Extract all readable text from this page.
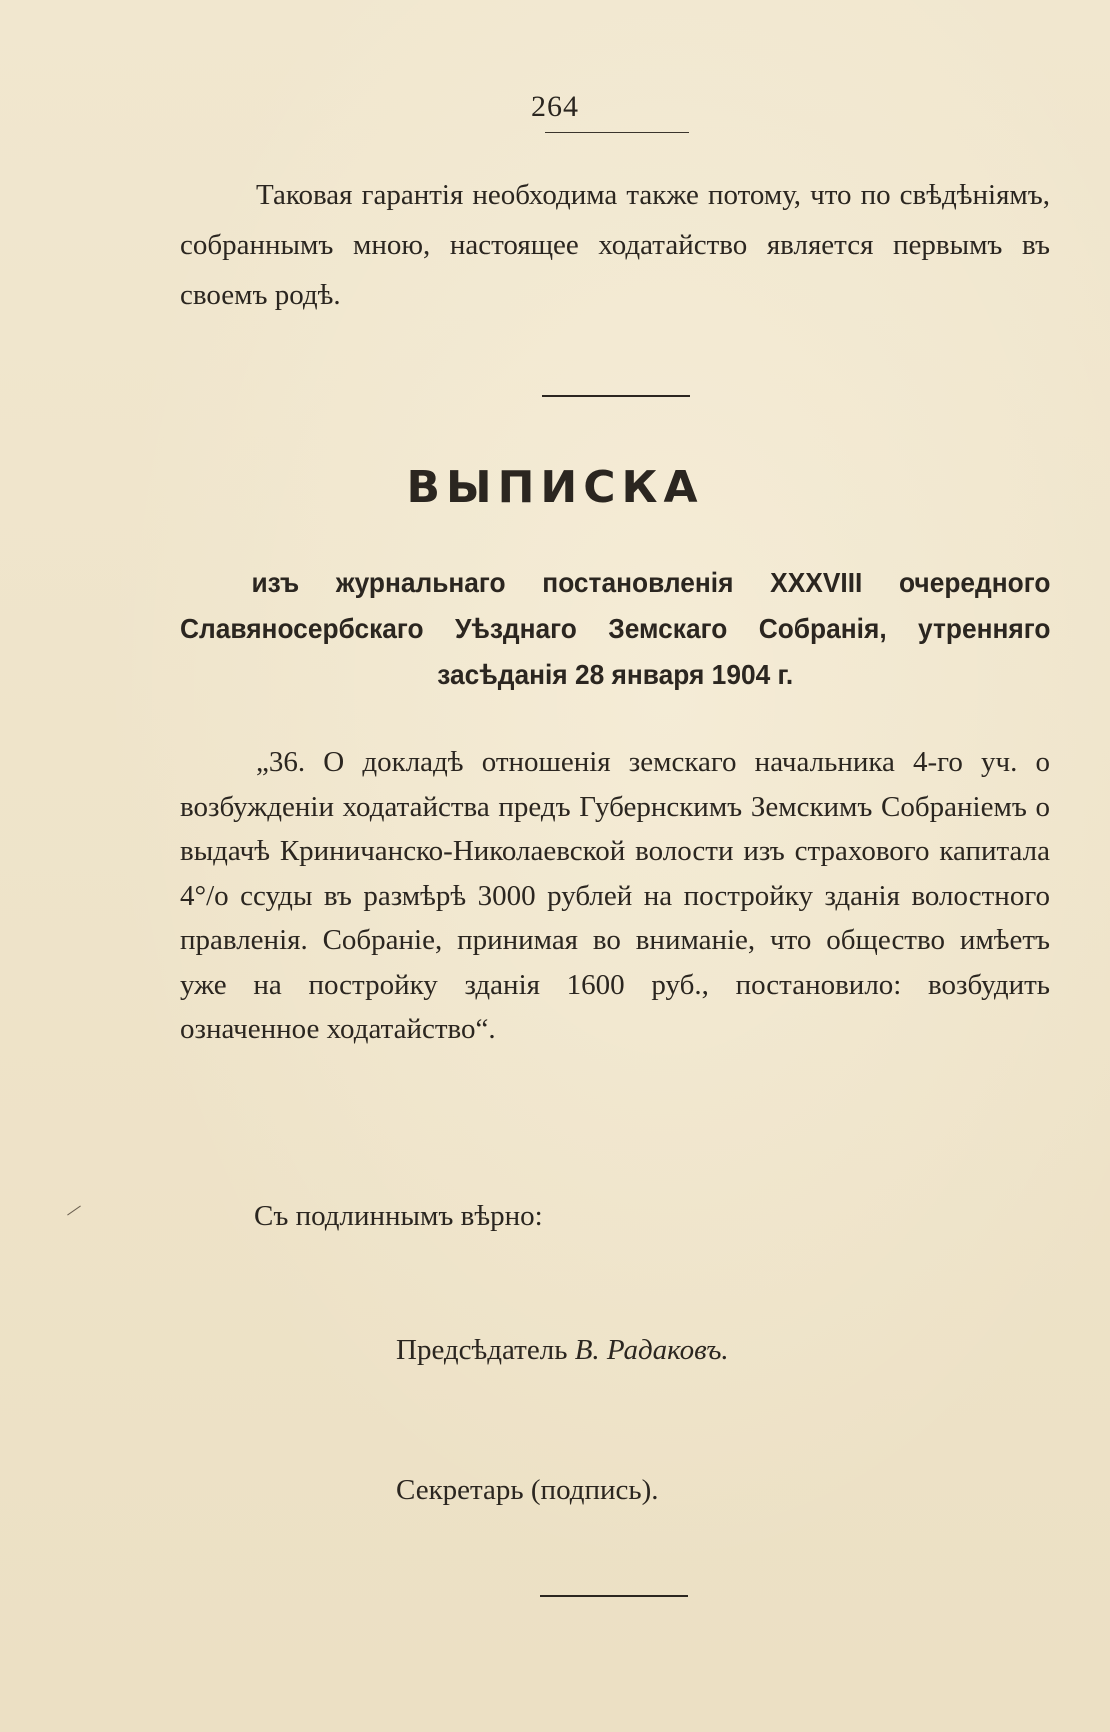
264
Таковая гарантія необходима также потому, что по свѣдѣніямъ, собраннымъ мною, настоящее ходатайство является первымъ въ своемъ родѣ.
ВЫПИСКА
изъ журнальнаго постановленія XXXVIII очередного Славяносербскаго Уѣзднаго Земскаго Собранія, утренняго засѣданія 28 января 1904 г.
„36. О докладѣ отношенія земскаго начальника 4-го уч. о возбужденіи ходатайства предъ Губернскимъ Земскимъ Собраніемъ о выдачѣ Криничанско-Николаевской волости изъ страхового капитала 4°/о ссуды въ размѣрѣ 3000 рублей на постройку зданія волостного правленія. Собраніе, принимая во вниманіе, что общество имѣетъ уже на постройку зданія 1600 руб., постановило: возбудить означенное ходатайство“.
Съ подлиннымъ вѣрно:
Предсѣдатель В. Радаковъ.
Секретарь (подпись).
